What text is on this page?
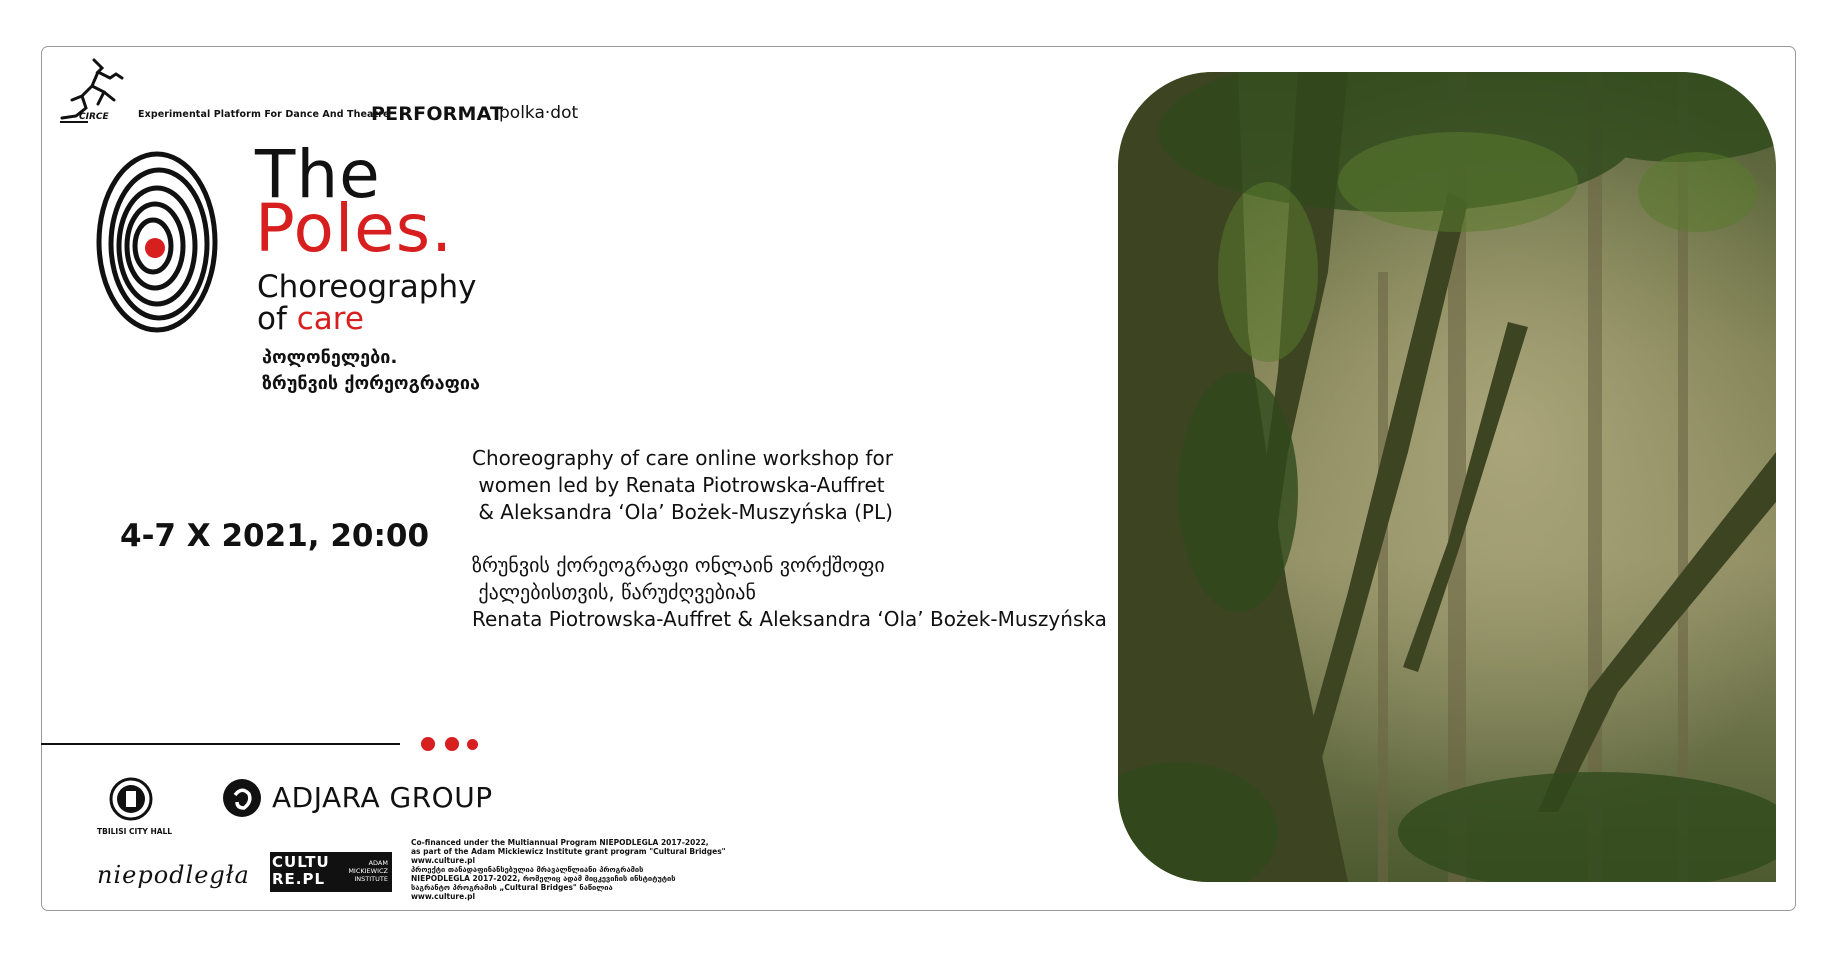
CIRCE	Experimental Platform For Dance And Theatre
PERFORMAT
polka·dot
The
Poles.
Choreography
of care
პოლონელები.
ზრუნვის ქორეოგრაფია
4-7 X 2021, 20:00
Choreography of care online workshop for
women led by Renata Piotrowska-Auffret
& Aleksandra ‘Ola’ Bożek-Muszyńska (PL)
ზრუნვის ქორეოგრაფი ონლაინ ვორქშოფი
ქალებისთვის, წარუძღვებიან
Renata Piotrowska-Auffret & Aleksandra ‘Ola’ Bożek-Muszyńska
TBILISI CITY HALL
ADJARA GROUP
niepodległa CULTURE.PL
ADAM MICKIEWICZ INSTITUTE
Co-financed under the Multiannual Program NIEPODLEGLA 2017-2022,
as part of the Adam Mickiewicz Institute grant program "Cultural Bridges"
www.culture.pl
პროექტი თანადაფინანსებულია მრავალწლიანი პროგრამის
NIEPODLEGLA 2017-2022, რომელიც ადამ მიცკევიჩის ინსტიტუტის
საგრანტო პროგრამის „Cultural Bridges" ნაწილია
www.culture.pl
